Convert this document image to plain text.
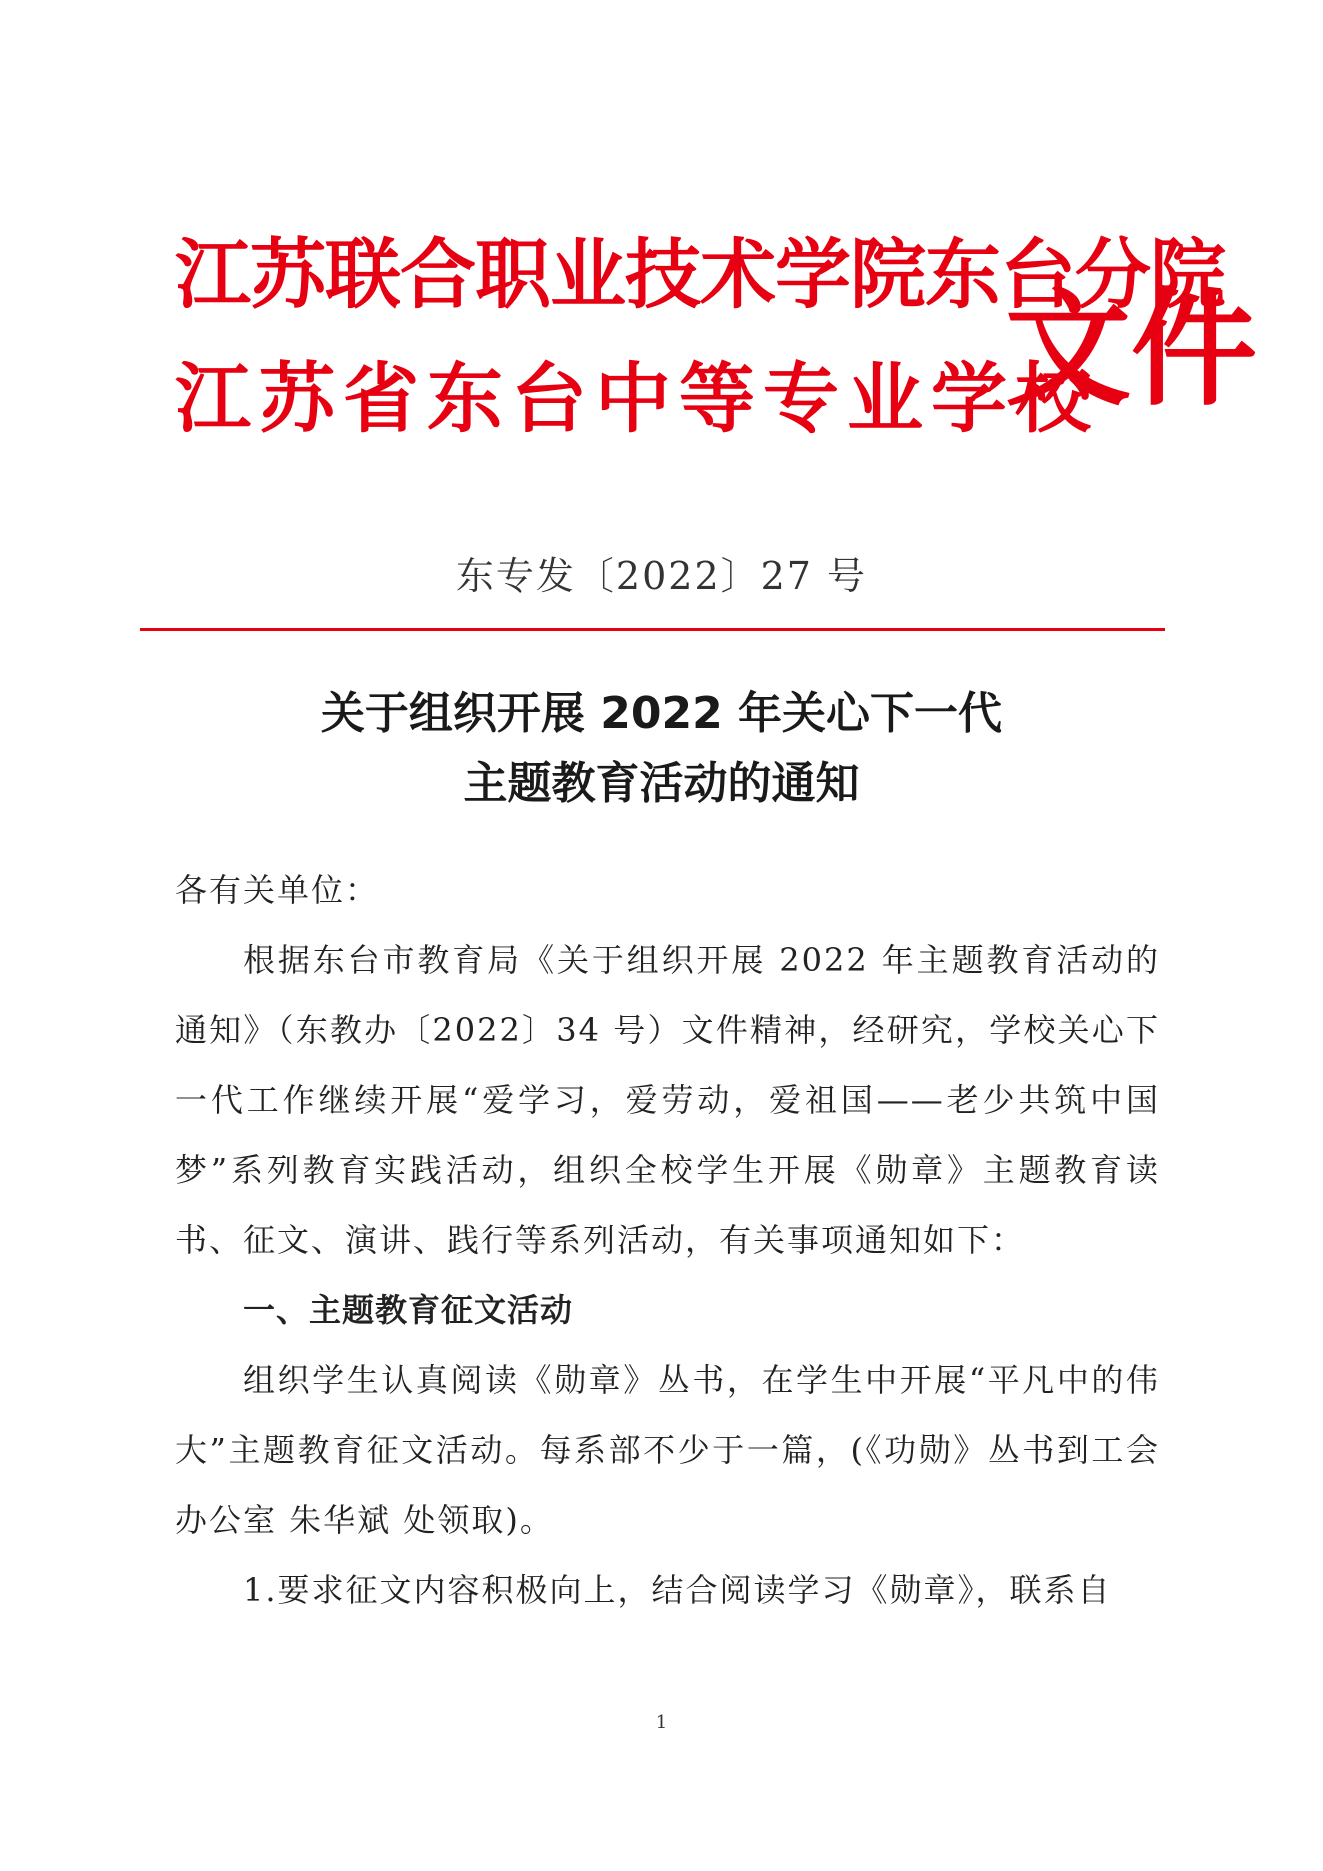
江苏联合职业技术学院东台分院
江苏省东台中等专业学校
文件
东专发〔2022〕27 号
关于组织开展 2022 年关心下一代
主题教育活动的通知

各有关单位：

根据东台市教育局《关于组织开展 2022 年主题教育活动的通知》（东教办〔2022〕34 号）文件精神，经研究，学校关心下一代工作继续开展“爱学习，爱劳动，爱祖国——老少共筑中国梦”系列教育实践活动，组织全校学生开展《勋章》主题教育读书、征文、演讲、践行等系列活动，有关事项通知如下：

一、主题教育征文活动

组织学生认真阅读《勋章》丛书，在学生中开展“平凡中的伟大”主题教育征文活动。每系部不少于一篇，(《功勋》丛书到工会办公室 朱华斌 处领取)。

1.要求征文内容积极向上，结合阅读学习《勋章》，联系自

1
